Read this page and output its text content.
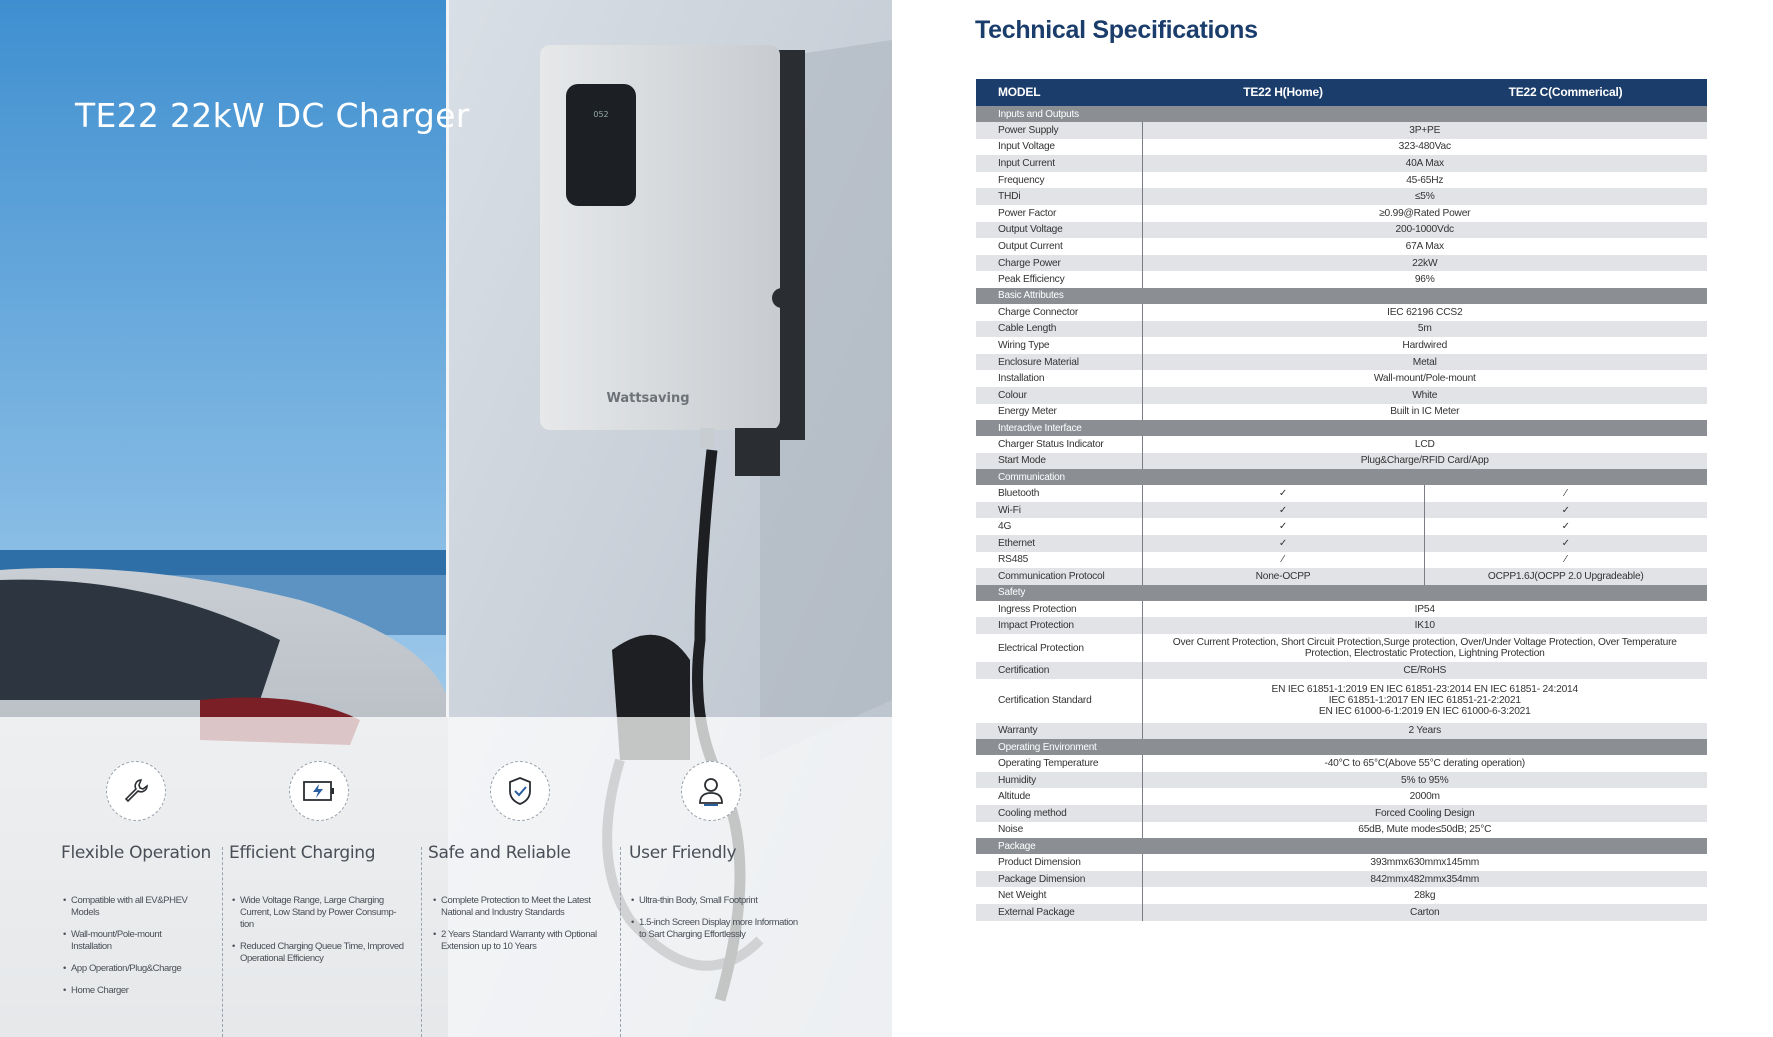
052
Wattsaving
TE22 22kW DC Charger
Flexible Operation
• Compatible with all EV&PHEV Models
• Wall-mount/Pole-mount Installation
• App Operation/Plug&Charge
• Home Charger
Efficient Charging
• Wide Voltage Range, Large Charging Current, Low Stand by Power Consump-tion
• Reduced Charging Queue Time, Improved Operational Efficiency
Safe and Reliable
• Complete Protection to Meet the Latest National and Industry Standards
• 2 Years Standard Warranty with Optional Extension up to 10 Years
User Friendly
• Ultra-thin Body, Small Footprint
• 1.5-inch Screen Display more Information to Sart Charging Effortlessly
Technical Specifications
MODEL	TE22 H(Home)	TE22 C(Commerical)
Inputs and Outputs		
Power Supply	3P+PE	
Input Voltage	323-480Vac	
Input Current	40A Max	
Frequency	45-65Hz	
THDi	≤5%	
Power Factor	≥0.99@Rated Power	
Output Voltage	200-1000Vdc	
Output Current	67A Max	
Charge Power	22kW	
Peak Efficiency	96%	
Basic Attributes		
Charge Connector	IEC 62196 CCS2	
Cable Length	5m	
Wiring Type	Hardwired	
Enclosure Material	Metal	
Installation	Wall-mount/Pole-mount	
Colour	White	
Energy Meter	Built in IC Meter	
Interactive Interface		
Charger Status Indicator	LCD	
Start Mode	Plug&Charge/RFID Card/App	
Communication		
Bluetooth	✓	∕
Wi-Fi	✓	✓
4G	✓	✓
Ethernet	✓	✓
RS485	∕	∕
Communication Protocol	None-OCPP	OCPP1.6J(OCPP 2.0 Upgradeable)
Safety		
Ingress Protection	IP54	
Impact Protection	IK10	
Electrical Protection	Over Current Protection, Short Circuit Protection,Surge protection, Over/Under Voltage Protection, Over Temperature
Protection, Electrostatic Protection, Lightning Protection	

Certification	CE/RoHS	
Certification Standard	EN IEC 61851-1:2019 EN IEC 61851-23:2014 EN IEC 61851- 24:2014
IEC 61851-1:2017 EN IEC 61851-21-2:2021
EN IEC 61000-6-1:2019 EN IEC 61000-6-3:2021	

Warranty	2 Years	
Operating Environment		
Operating Temperature	-40°C to 65°C(Above 55°C derating operation)	
Humidity	5% to 95%	
Altitude	2000m	
Cooling method	Forced Cooling Design	
Noise	65dB, Mute mode≤50dB; 25°C	
Package		
Product Dimension	393mmx630mmx145mm	
Package Dimension	842mmx482mmx354mm	
Net Weight	28kg	
External Package	Carton	
